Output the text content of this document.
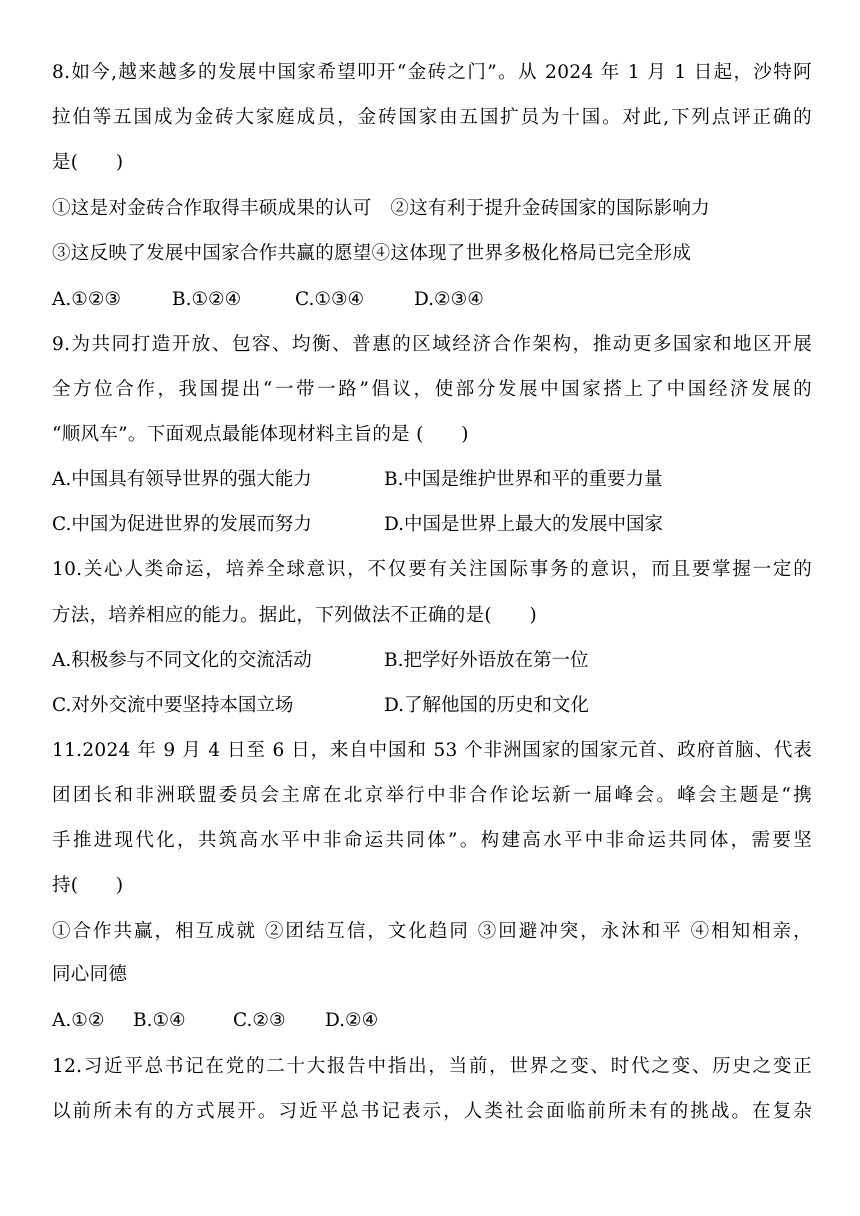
8.如今,越来越多的发展中国家希望叩开“金砖之门”。从 2024 年 1 月 1 日起，沙特阿
拉伯等五国成为金砖大家庭成员，金砖国家由五国扩员为十国。对此,下列点评正确的
是(　　)
①这是对金砖合作取得丰硕成果的认可　②这有利于提升金砖国家的国际影响力
③这反映了发展中国家合作共赢的愿望④这体现了世界多极化格局已完全形成
A.①②③	B.①②④	C.①③④	D.②③④
9.为共同打造开放、包容、均衡、普惠的区域经济合作架构，推动更多国家和地区开展
全方位合作，我国提出“一带一路”倡议，使部分发展中国家搭上了中国经济发展的
“顺风车”。下面观点最能体现材料主旨的是 (　　)
A.中国具有领导世界的强大能力	B.中国是维护世界和平的重要力量
C.中国为促进世界的发展而努力	D.中国是世界上最大的发展中国家
10.关心人类命运，培养全球意识，不仅要有关注国际事务的意识，而且要掌握一定的
方法，培养相应的能力。据此，下列做法不正确的是(　　)
A.积极参与不同文化的交流活动	B.把学好外语放在第一位
C.对外交流中要坚持本国立场	D.了解他国的历史和文化
11.2024 年 9 月 4 日至 6 日，来自中国和 53 个非洲国家的国家元首、政府首脑、代表
团团长和非洲联盟委员会主席在北京举行中非合作论坛新一届峰会。峰会主题是“携
手推进现代化，共筑高水平中非命运共同体”。构建高水平中非命运共同体，需要坚
持(　　)
①合作共赢，相互成就 ②团结互信，文化趋同 ③回避冲突，永沐和平 ④相知相亲，
同心同德
A.①② B.①④	C.②③ D.②④
12.习近平总书记在党的二十大报告中指出，当前，世界之变、时代之变、历史之变正
以前所未有的方式展开。习近平总书记表示，人类社会面临前所未有的挑战。在复杂
